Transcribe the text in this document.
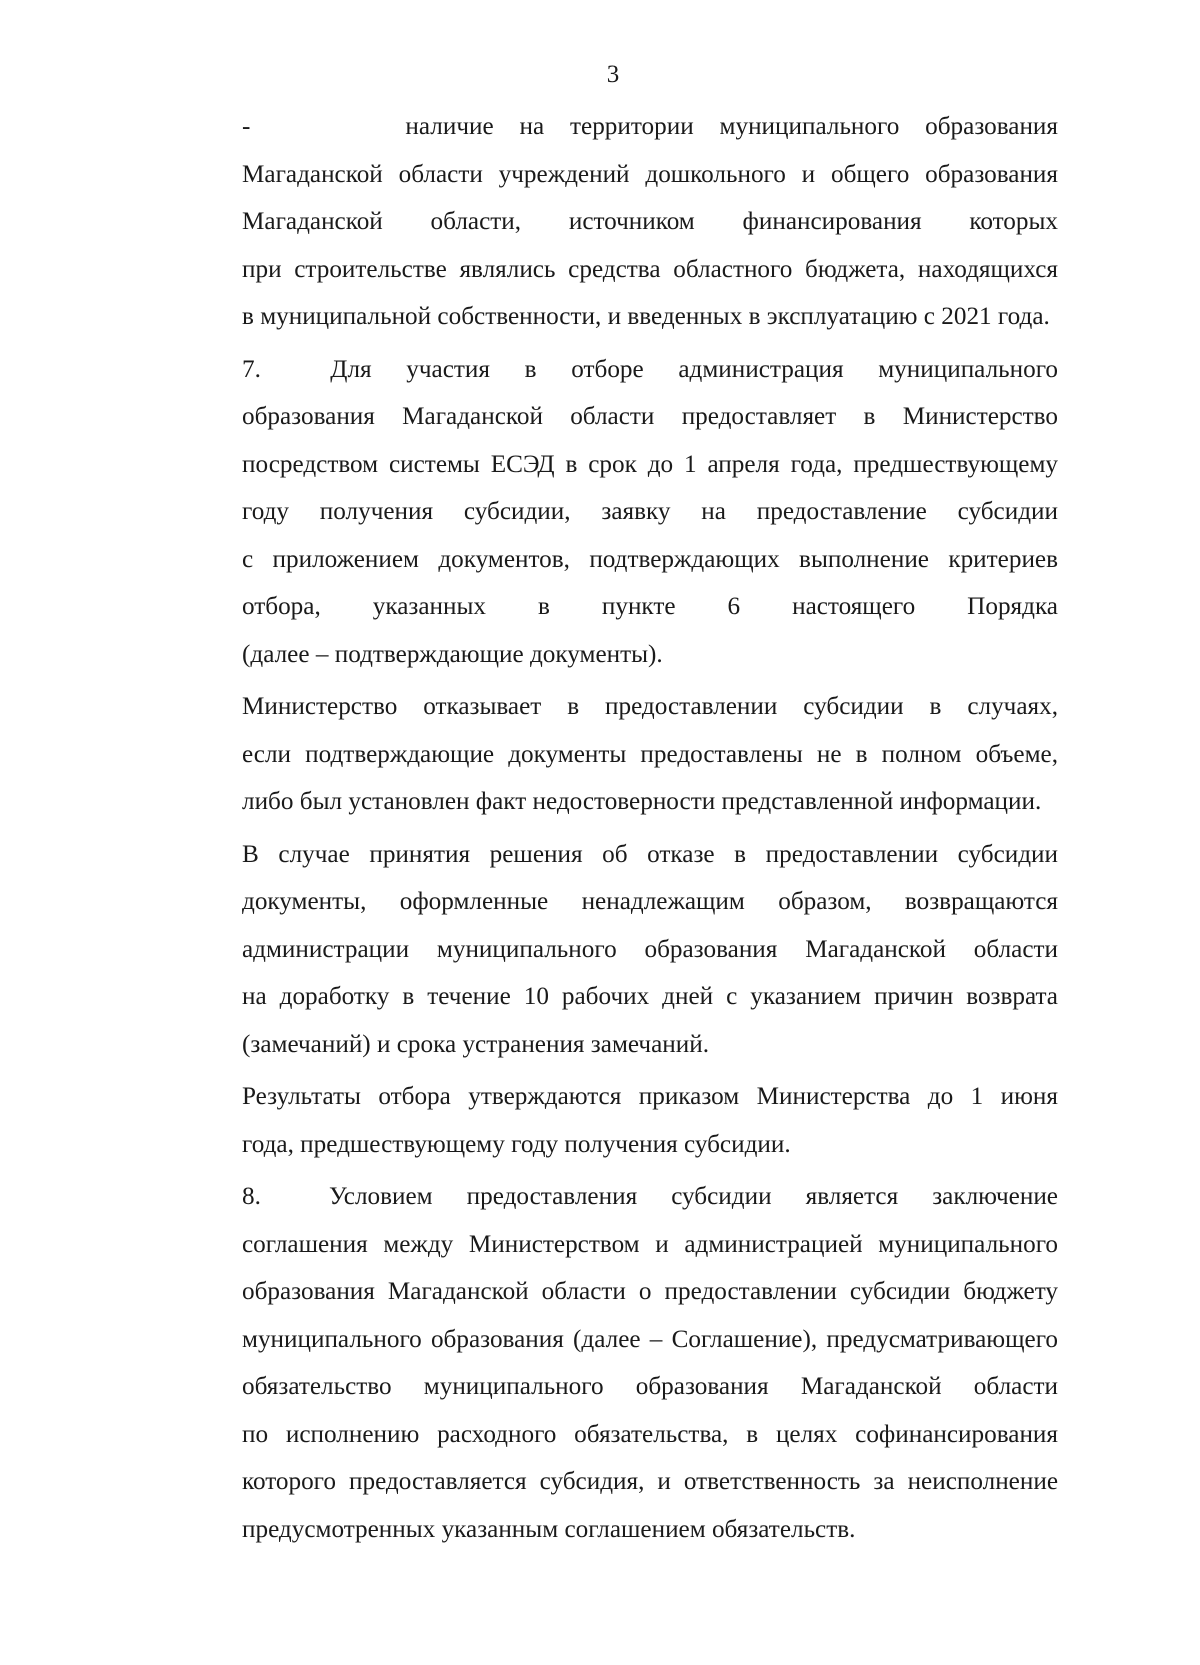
3

-      наличие на территории муниципального образования
Магаданской области учреждений дошкольного и общего образования
Магаданской области, источником финансирования которых
при строительстве являлись средства областного бюджета, находящихся
в муниципальной собственности, и введенных в эксплуатацию с 2021 года.

7.  Для участия в отборе администрация муниципального
образования Магаданской области предоставляет в Министерство
посредством системы ЕСЭД в срок до 1 апреля года, предшествующему
году получения субсидии, заявку на предоставление субсидии
с приложением документов, подтверждающих выполнение критериев
отбора, указанных в пункте 6 настоящего Порядка
(далее – подтверждающие документы).

Министерство отказывает в предоставлении субсидии в случаях,
если подтверждающие документы предоставлены не в полном объеме,
либо был установлен факт недостоверности представленной информации.

В случае принятия решения об отказе в предоставлении субсидии
документы, оформленные ненадлежащим образом, возвращаются
администрации муниципального образования Магаданской области
на доработку в течение 10 рабочих дней с указанием причин возврата
(замечаний) и срока устранения замечаний.

Результаты отбора утверждаются приказом Министерства до 1 июня
года, предшествующему году получения субсидии.

8.  Условием предоставления субсидии является заключение
соглашения между Министерством и администрацией муниципального
образования Магаданской области о предоставлении субсидии бюджету
муниципального образования (далее – Соглашение), предусматривающего
обязательство муниципального образования Магаданской области
по исполнению расходного обязательства, в целях софинансирования
которого предоставляется субсидия, и ответственность за неисполнение
предусмотренных указанным соглашением обязательств.
